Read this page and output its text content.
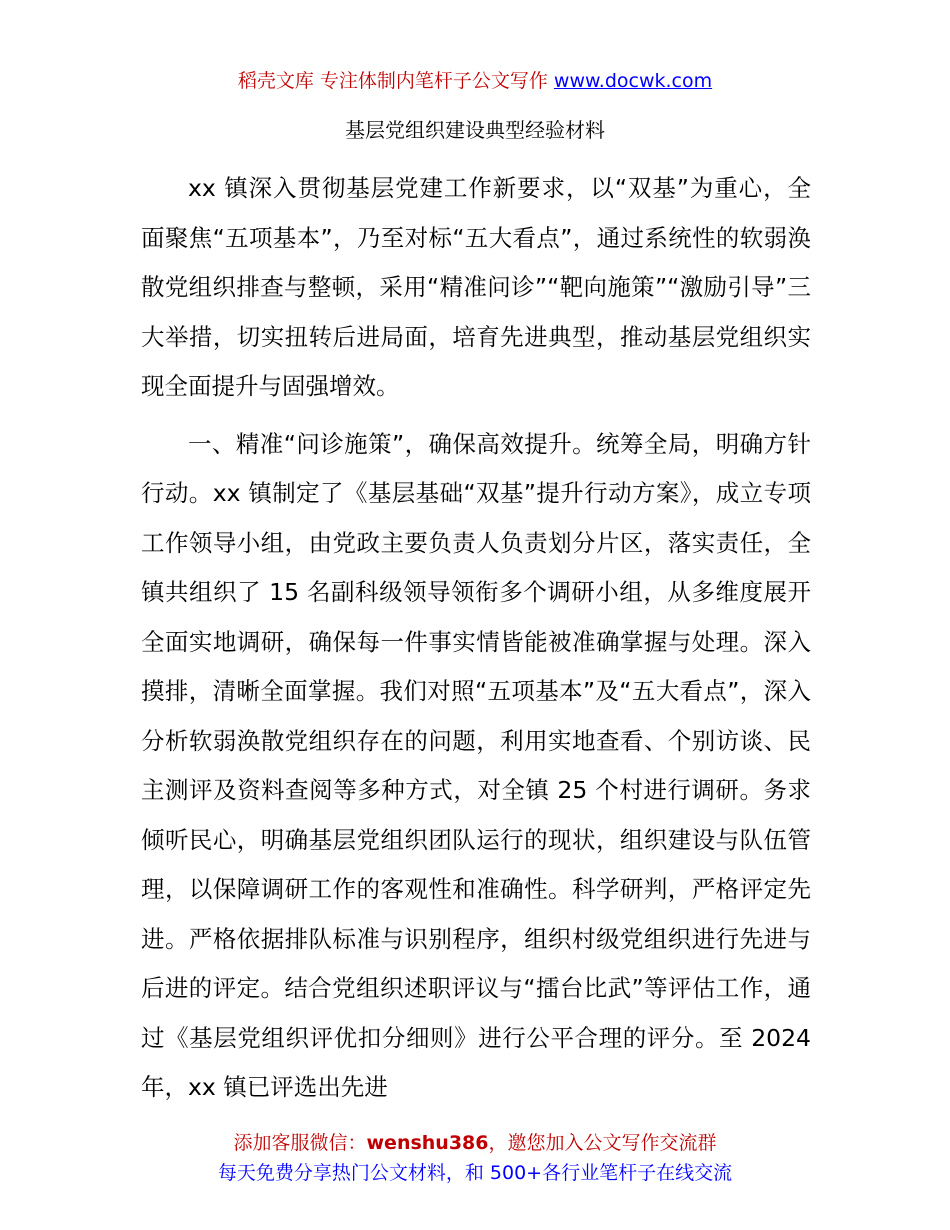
稻壳文库 专注体制内笔杆子公文写作 www.docwk.com
基层党组织建设典型经验材料

xx 镇深入贯彻基层党建工作新要求，以“双基”为重心，全面聚焦“五项基本”，乃至对标“五大看点”，通过系统性的软弱涣散党组织排查与整顿，采用“精准问诊”“靶向施策”“激励引导”三大举措，切实扭转后进局面，培育先进典型，推动基层党组织实现全面提升与固强增效。

一、精准“问诊施策”，确保高效提升。统筹全局，明确方针行动。xx 镇制定了《基层基础“双基”提升行动方案》，成立专项工作领导小组，由党政主要负责人负责划分片区，落实责任，全镇共组织了 15 名副科级领导领衔多个调研小组，从多维度展开全面实地调研，确保每一件事实情皆能被准确掌握与处理。深入摸排，清晰全面掌握。我们对照“五项基本”及“五大看点”，深入分析软弱涣散党组织存在的问题，利用实地查看、个别访谈、民主测评及资料查阅等多种方式，对全镇 25 个村进行调研。务求倾听民心，明确基层党组织团队运行的现状，组织建设与队伍管理，以保障调研工作的客观性和准确性。科学研判，严格评定先进。严格依据排队标准与识别程序，组织村级党组织进行先进与后进的评定。结合党组织述职评议与“擂台比武”等评估工作，通过《基层党组织评优扣分细则》进行公平合理的评分。至 2024 年，xx 镇已评选出先进

添加客服微信：wenshu386，邀您加入公文写作交流群
每天免费分享热门公文材料，和 500+各行业笔杆子在线交流
